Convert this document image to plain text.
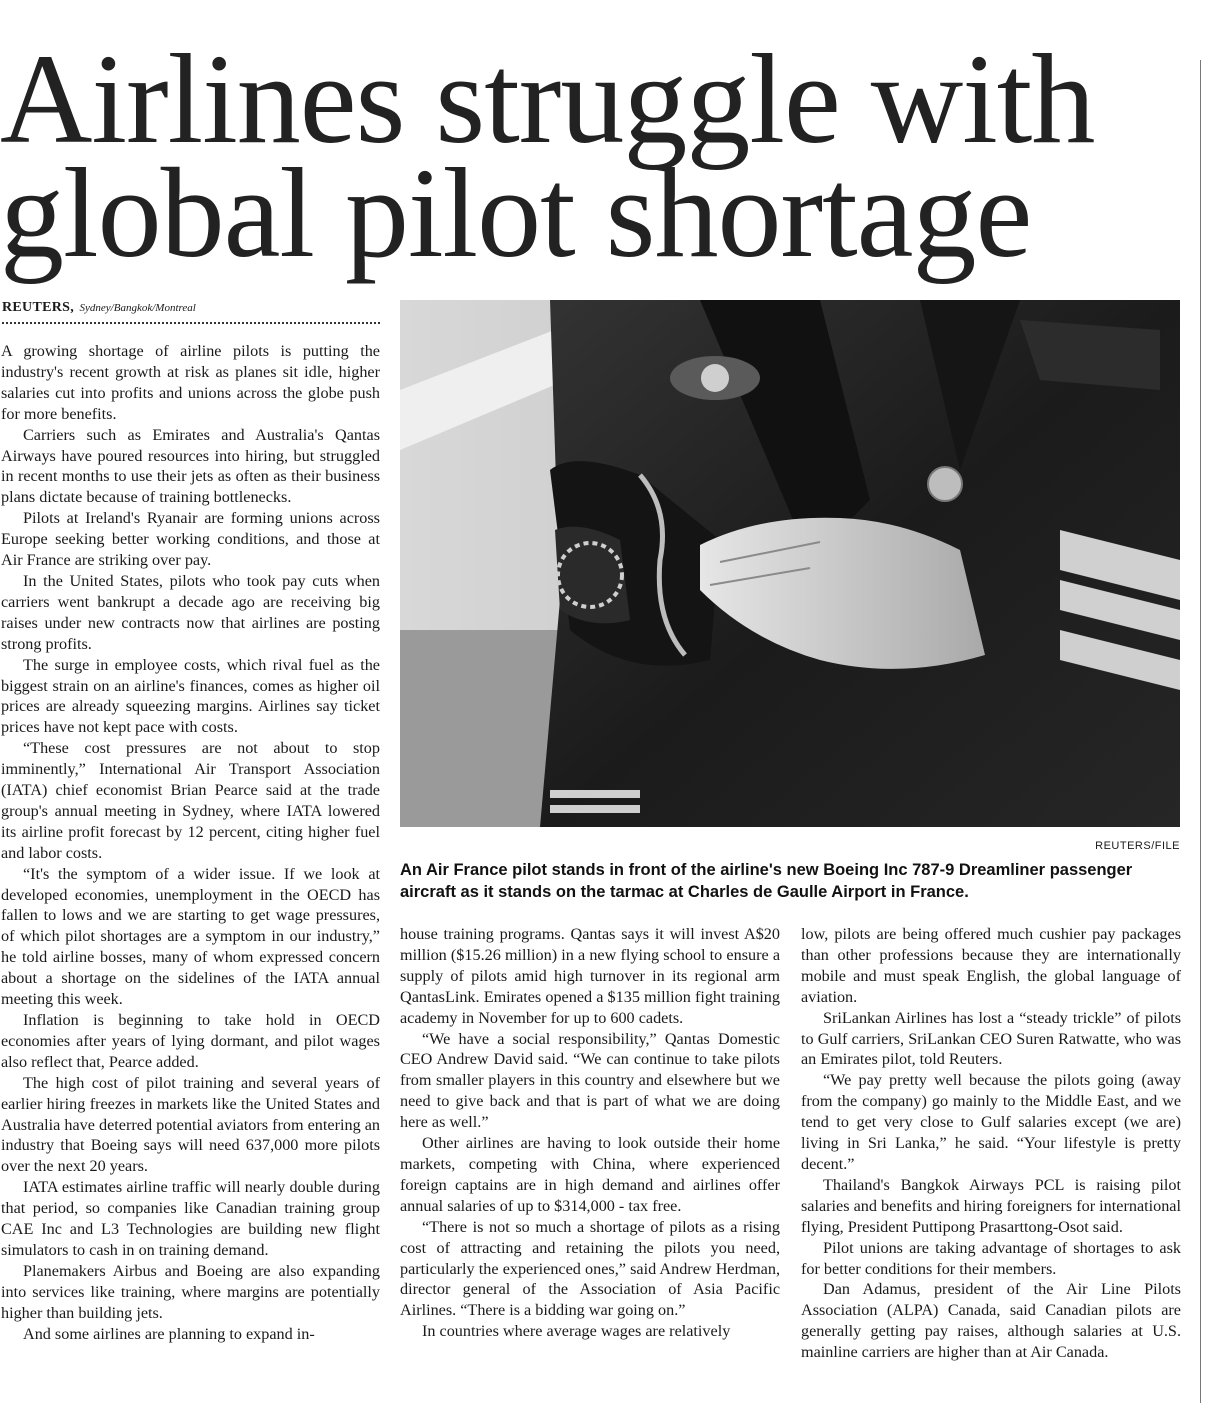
Airlines struggle with
global pilot shortage
REUTERS, Sydney/Bangkok/Montreal

A growing shortage of airline pilots is putting the industry's recent growth at risk as planes sit idle, higher salaries cut into profits and unions across the globe push for more benefits.

Carriers such as Emirates and Australia's Qantas Airways have poured resources into hiring, but struggled in recent months to use their jets as often as their business plans dictate because of training bottlenecks.

Pilots at Ireland's Ryanair are forming unions across Europe seeking better working conditions, and those at Air France are striking over pay.

In the United States, pilots who took pay cuts when carriers went bankrupt a decade ago are receiving big raises under new contracts now that airlines are posting strong profits.

The surge in employee costs, which rival fuel as the biggest strain on an airline's finances, comes as higher oil prices are already squeezing margins. Airlines say ticket prices have not kept pace with costs.

“These cost pressures are not about to stop imminently,” International Air Transport Association (IATA) chief economist Brian Pearce said at the trade group's annual meeting in Sydney, where IATA lowered its airline profit forecast by 12 percent, citing higher fuel and labor costs.

“It's the symptom of a wider issue. If we look at developed economies, unemployment in the OECD has fallen to lows and we are starting to get wage pressures, of which pilot shortages are a symptom in our industry,” he told airline bosses, many of whom expressed concern about a shortage on the sidelines of the IATA annual meeting this week.

Inflation is beginning to take hold in OECD economies after years of lying dormant, and pilot wages also reflect that, Pearce added.

The high cost of pilot training and several years of earlier hiring freezes in markets like the United States and Australia have deterred potential aviators from entering an industry that Boeing says will need 637,000 more pilots over the next 20 years.

IATA estimates airline traffic will nearly double during that period, so companies like Canadian training group CAE Inc and L3 Technologies are building new flight simulators to cash in on training demand.

Planemakers Airbus and Boeing are also expanding into services like training, where margins are potentially higher than building jets.

And some airlines are planning to expand in-

REUTERS/FILE

An Air France pilot stands in front of the airline's new Boeing Inc 787-9 Dreamliner passenger aircraft as it stands on the tarmac at Charles de Gaulle Airport in France.

house training programs. Qantas says it will invest A$20 million ($15.26 million) in a new flying school to ensure a supply of pilots amid high turnover in its regional arm QantasLink. Emirates opened a $135 million fight training academy in November for up to 600 cadets.

“We have a social responsibility,” Qantas Domestic CEO Andrew David said. “We can continue to take pilots from smaller players in this country and elsewhere but we need to give back and that is part of what we are doing here as well.”

Other airlines are having to look outside their home markets, competing with China, where experienced foreign captains are in high demand and airlines offer annual salaries of up to $314,000 - tax free.

“There is not so much a shortage of pilots as a rising cost of attracting and retaining the pilots you need, particularly the experienced ones,” said Andrew Herdman, director general of the Association of Asia Pacific Airlines. “There is a bidding war going on.”

In countries where average wages are relatively

low, pilots are being offered much cushier pay packages than other professions because they are internationally mobile and must speak English, the global language of aviation.

SriLankan Airlines has lost a “steady trickle” of pilots to Gulf carriers, SriLankan CEO Suren Ratwatte, who was an Emirates pilot, told Reuters.

“We pay pretty well because the pilots going (away from the company) go mainly to the Middle East, and we tend to get very close to Gulf salaries except (we are) living in Sri Lanka,” he said. “Your lifestyle is pretty decent.”

Thailand's Bangkok Airways PCL is raising pilot salaries and benefits and hiring foreigners for international flying, President Puttipong Prasarttong-Osot said.

Pilot unions are taking advantage of shortages to ask for better conditions for their members.

Dan Adamus, president of the Air Line Pilots Association (ALPA) Canada, said Canadian pilots are generally getting pay raises, although salaries at U.S. mainline carriers are higher than at Air Canada.
